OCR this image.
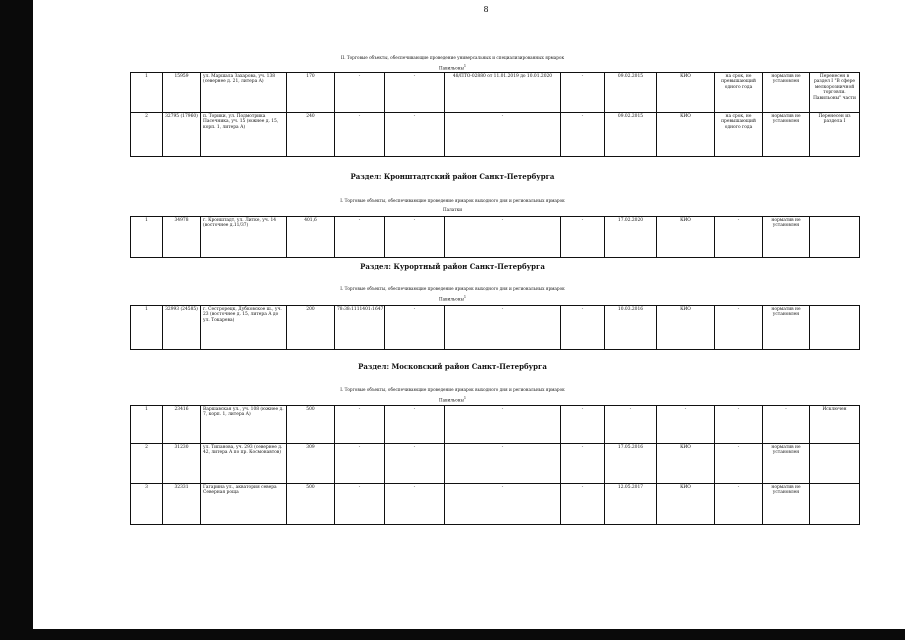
8
II. Торговые объекты, обеспечивающие проведение универсальных и специализированных ярмарок
Павильоны$^1$
1	15959	ул. Маршала Захарова, уч. 138 (севернее д. 21, литера А)	170	-	-	48/ПТО-02880 от 11.01.2019 до 10.01.2020	-	09.02.2015	КИО	на срок, не превышающий одного года	норматив не установлен	Перенесен в раздел I "В сфере мелкорозничной торговли. Павильоны" части
2	32795 (17960)	п. Торики, ул. Подмотрика Пасечника, уч. 15 (южнее д. 15, корп. 1, литера А)	240	-	-	-	-	09.02.2015	КИО	на срок, не превышающий одного года	норматив не установлен	Перенесен из раздела I
Раздел: Кронштадтский район Санкт-Петербурга
I. Торговые объекты, обеспечивающие проведение ярмарок выходного дня и региональных ярмарок
Палатки
1	34978	г. Кронштадт, ул. Литке, уч. 14 (восточнее д.11/37)	401,6	-	-	-	-	17.02.2020	КИО	-	норматив не установлен	
Раздел: Курортный район Санкт-Петербурга
I. Торговые объекты, обеспечивающие проведение ярмарок выходного дня и региональных ярмарок
Павильоны$^1$
1	32993 (24585)	г. Сестрорецк, Дубковское ш., уч. 23 (восточнее д. 15, литера А до ул. Токарева)	200	78:38:1111401:1647	-	-	-	10.03.2016	КИО	-	норматив не установлен	
Раздел: Московский район Санкт-Петербурга
I. Торговые объекты, обеспечивающие проведение ярмарок выходного дня и региональных ярмарок
Павильоны$^1$
1	23416	Варшавская ул., уч. 108 (южнее д. 7, корп. 1, литера А)	500	-	-	-	-	-	-	-	-	Исключен
2	31230	ул. Типанова, уч. 293 (севернее д. 42, литера А по пр. Космонавтов)	309	-	-	-	-	17.05.2016	КИО	-	норматив не установлен	
3	32331	Гагарина ул., акватория севера Северная роща	500	-	-	-	-	12.05.2017	КИО	-	норматив не установлен	
